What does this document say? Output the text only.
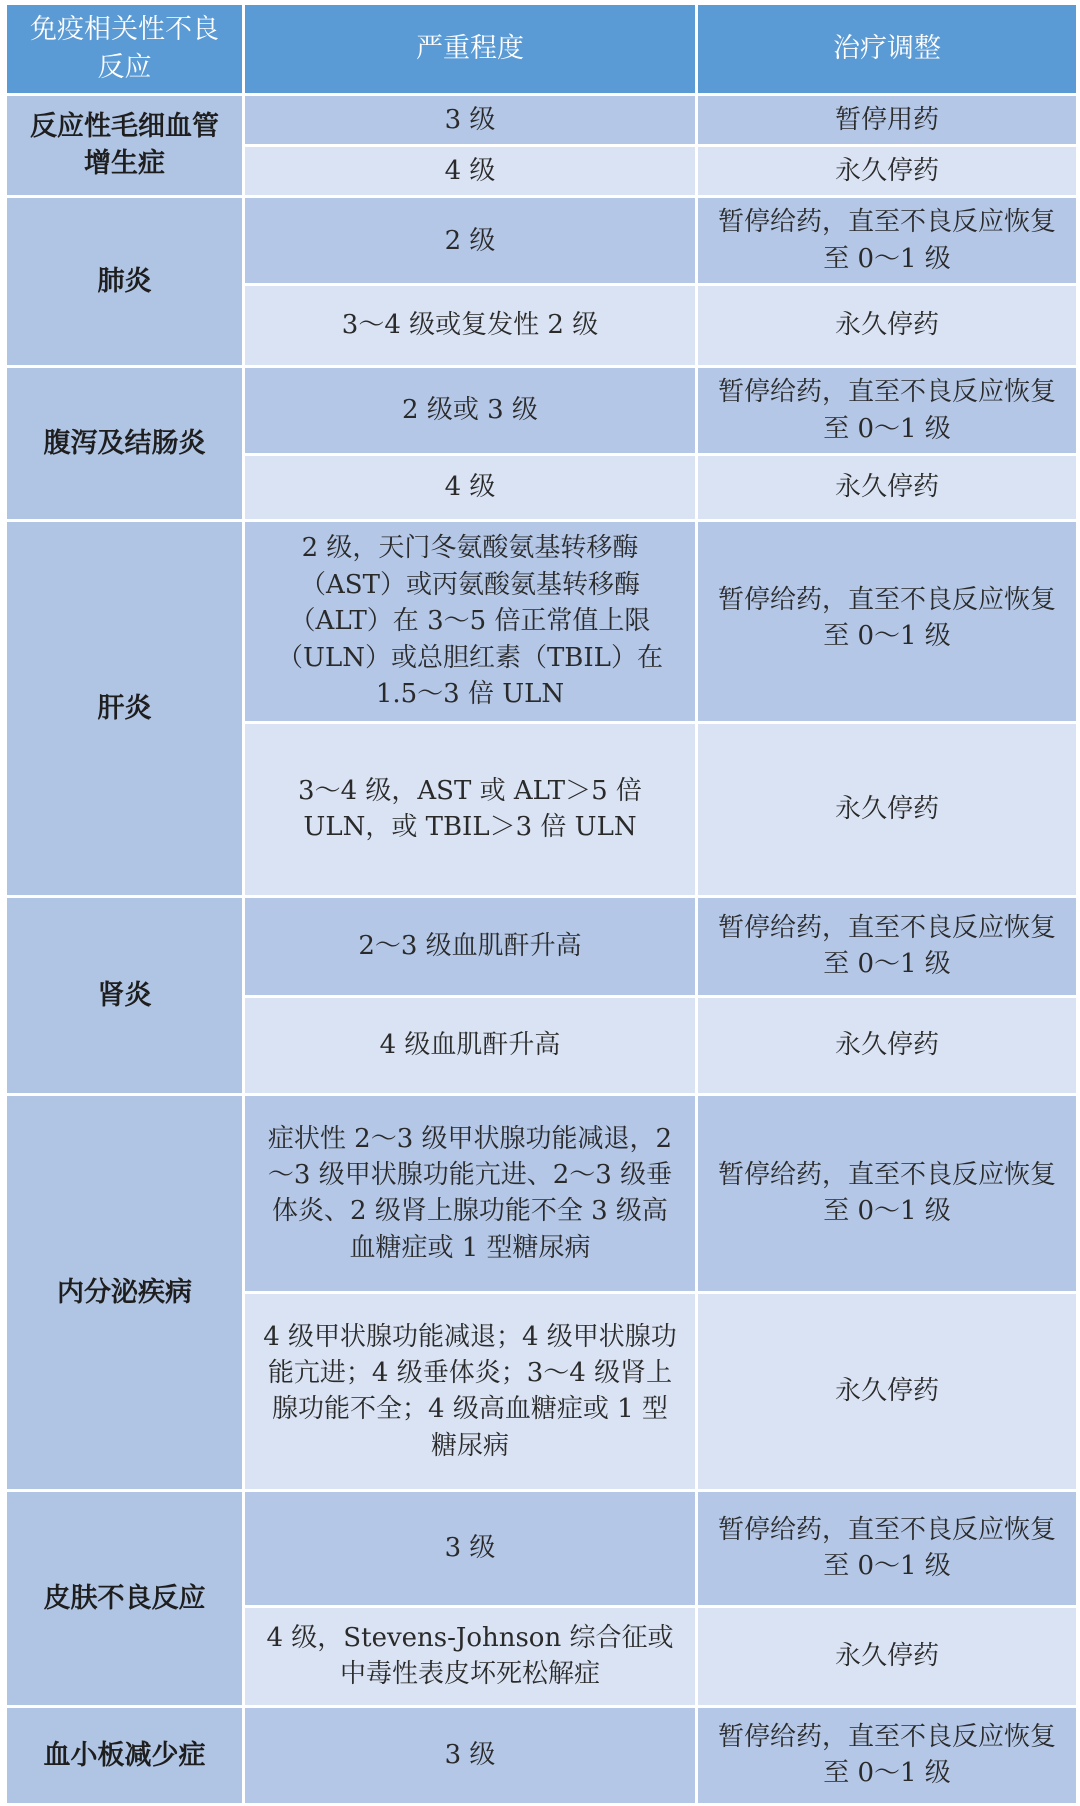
免疫相关性不良反应	严重程度	治疗调整
反应性毛细血管增生症	3 级	暂停用药
	4 级	永久停药
肺炎	2 级	暂停给药，直至不良反应恢复至 0～1 级
	3～4 级或复发性 2 级	永久停药
腹泻及结肠炎	2 级或 3 级	暂停给药，直至不良反应恢复至 0～1 级
	4 级	永久停药
肝炎	2 级，天门冬氨酸氨基转移酶（AST）或丙氨酸氨基转移酶（ALT）在 3～5 倍正常值上限（ULN）或总胆红素（TBIL）在 1.5～3 倍 ULN	暂停给药，直至不良反应恢复至 0～1 级
	3～4 级，AST 或 ALT＞5 倍 ULN，或 TBIL＞3 倍 ULN	永久停药
肾炎	2～3 级血肌酐升高	暂停给药，直至不良反应恢复至 0～1 级
	4 级血肌酐升高	永久停药
内分泌疾病	症状性 2～3 级甲状腺功能减退，2～3 级甲状腺功能亢进、2～3 级垂体炎、2 级肾上腺功能不全 3 级高血糖症或 1 型糖尿病	暂停给药，直至不良反应恢复至 0～1 级
	4 级甲状腺功能减退；4 级甲状腺功能亢进；4 级垂体炎；3～4 级肾上腺功能不全；4 级高血糖症或 1 型糖尿病	永久停药
皮肤不良反应	3 级	暂停给药，直至不良反应恢复至 0～1 级
	4 级，Stevens-Johnson 综合征或中毒性表皮坏死松解症	永久停药
血小板减少症	3 级	暂停给药，直至不良反应恢复至 0～1 级
